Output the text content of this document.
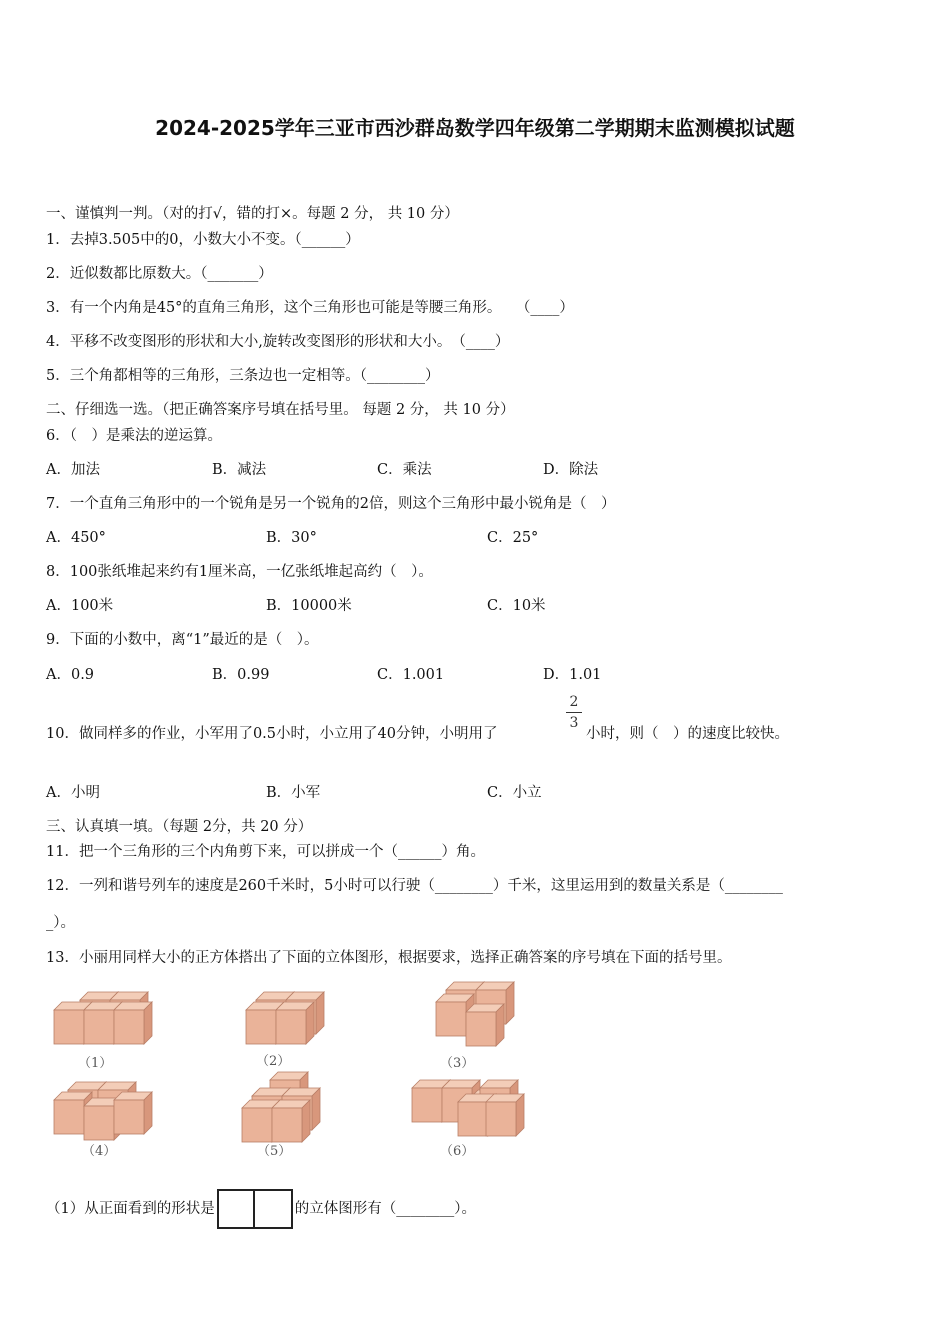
2024-2025学年三亚市西沙群岛数学四年级第二学期期末监测模拟试题
一、谨慎判一判。（对的打√，错的打×。每题 2 分， 共 10 分）
1．去掉3.505中的0，小数大小不变。（______）
2．近似数都比原数大。（_______）
3．有一个内角是45°的直角三角形，这个三角形也可能是等腰三角形。　　（____）
4．平移不改变图形的形状和大小,旋转改变图形的形状和大小。　（____）
5．三个角都相等的三角形，三条边也一定相等。（________）
二、仔细选一选。（把正确答案序号填在括号里。 每题 2 分， 共 10 分）
6．（　）是乘法的逆运算。
A．加法	B．减法	C．乘法	D．除法
7．一个直角三角形中的一个锐角是另一个锐角的2倍，则这个三角形中最小锐角是（　）
A．450°	B．30°	C．25°
8．100张纸堆起来约有1厘米高，一亿张纸堆起高约（　）。
A．100米	B．10000米	C．10米
9．下面的小数中，离“1”最近的是（　）。
A．0.9	B．0.99	C．1.001	D．1.01
10．做同样多的作业，小军用了0.5小时，小立用了40分钟，小明用了
2
3
小时，则（　）的速度比较快。
A．小明	B．小军	C．小立
三、认真填一填。（每题 2分，共 20 分）
11．把一个三角形的三个内角剪下来，可以拼成一个（______）角。
12．一列和谐号列车的速度是260千米时，5小时可以行驶（________）千米，这里运用到的数量关系是（________
_）。
13．小丽用同样大小的正方体搭出了下面的立体图形，根据要求，选择正确答案的序号填在下面的括号里。
（1）	（2）	（3）
（4）	（5）	（6）
（1）从正面看到的形状是	的立体图形有（________）。
